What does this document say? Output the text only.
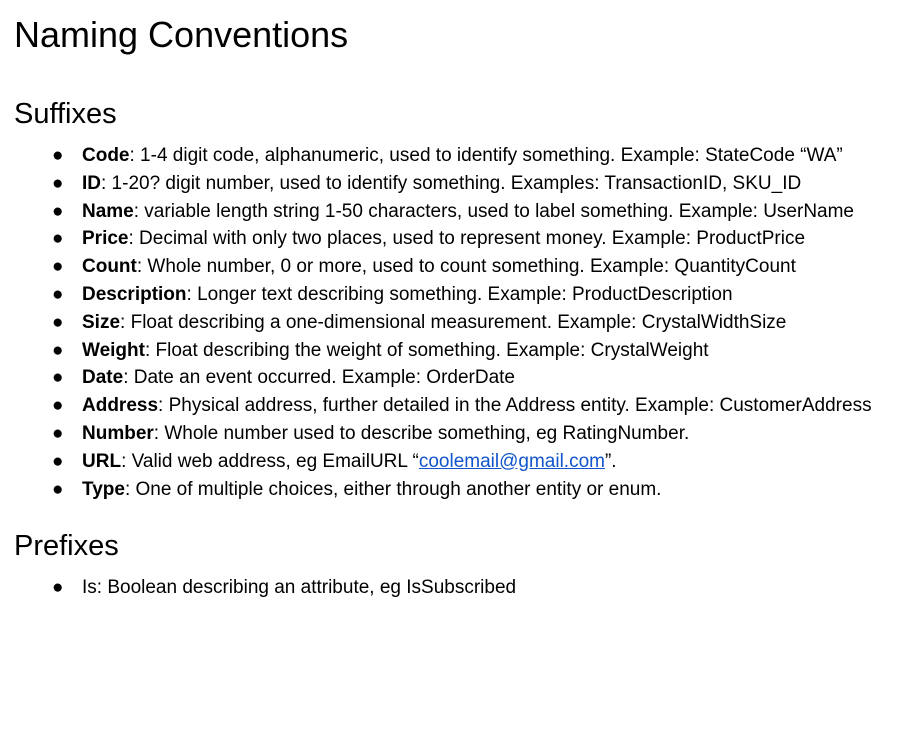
Naming Conventions
Suffixes
● Code: 1-4 digit code, alphanumeric, used to identify something. Example: StateCode “WA”
● ID: 1-20? digit number, used to identify something. Examples: TransactionID, SKU_ID
● Name: variable length string 1-50 characters, used to label something. Example: UserName
● Price: Decimal with only two places, used to represent money. Example: ProductPrice
● Count: Whole number, 0 or more, used to count something. Example: QuantityCount
● Description: Longer text describing something. Example: ProductDescription
● Size: Float describing a one-dimensional measurement. Example: CrystalWidthSize
● Weight: Float describing the weight of something. Example: CrystalWeight
● Date: Date an event occurred. Example: OrderDate
● Address: Physical address, further detailed in the Address entity. Example: CustomerAddress
● Number: Whole number used to describe something, eg RatingNumber.
● URL: Valid web address, eg EmailURL “coolemail@gmail.com”.
● Type: One of multiple choices, either through another entity or enum.
Prefixes
● Is: Boolean describing an attribute, eg IsSubscribed
